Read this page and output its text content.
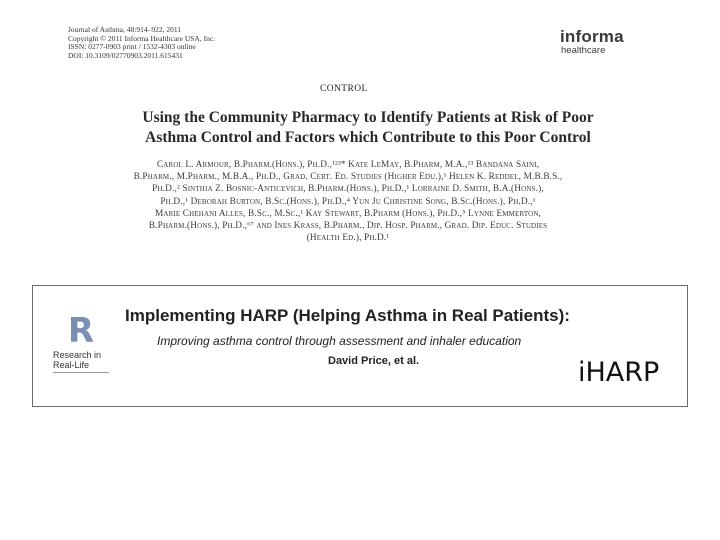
Journal of Asthma, 48:914–922, 2011
Copyright © 2011 Informa Healthcare USA, Inc.
ISSN: 0277-0903 print / 1532-4303 online
DOI: 10.3109/02770903.2011.615431
informa
healthcare
CONTROL
Using the Community Pharmacy to Identify Patients at Risk of Poor
Asthma Control and Factors which Contribute to this Poor Control
Carol L. Armour, B.Pharm.(Hons.), Ph.D.,¹²³* Kate LeMay, B.Pharm, M.A.,¹³ Bandana Saini,
B.Pharm., M.Pharm., M.B.A., Ph.D., Grad. Cert. Ed. Studies (Higher Edu.),¹ Helen K. Reddel, M.B.B.S.,
Ph.D.,² Sinthia Z. Bosnic-Anticevich, B.Pharm.(Hons.), Ph.D.,¹ Lorraine D. Smith, B.A.(Hons.),
Ph.D.,¹ Deborah Burton, B.Sc.(Hons.), Ph.D.,⁴ Yun Ju Christine Song, B.Sc.(Hons.), Ph.D.,¹
Marie Chehani Alles, B.Sc., M.Sc.,¹ Kay Stewart, B.Pharm (Hons.), Ph.D.,⁵ Lynne Emmerton,
B.Pharm.(Hons.), Ph.D.,⁶⁷ and Ines Krass, B.Pharm., Dip. Hosp. Pharm., Grad. Dip. Educ. Studies
(Health Ed.), Ph.D.¹
R
Research in
Real-Life
Implementing HARP (Helping Asthma in Real Patients):
Improving asthma control through assessment and inhaler education
David Price, et al.	iHARP
